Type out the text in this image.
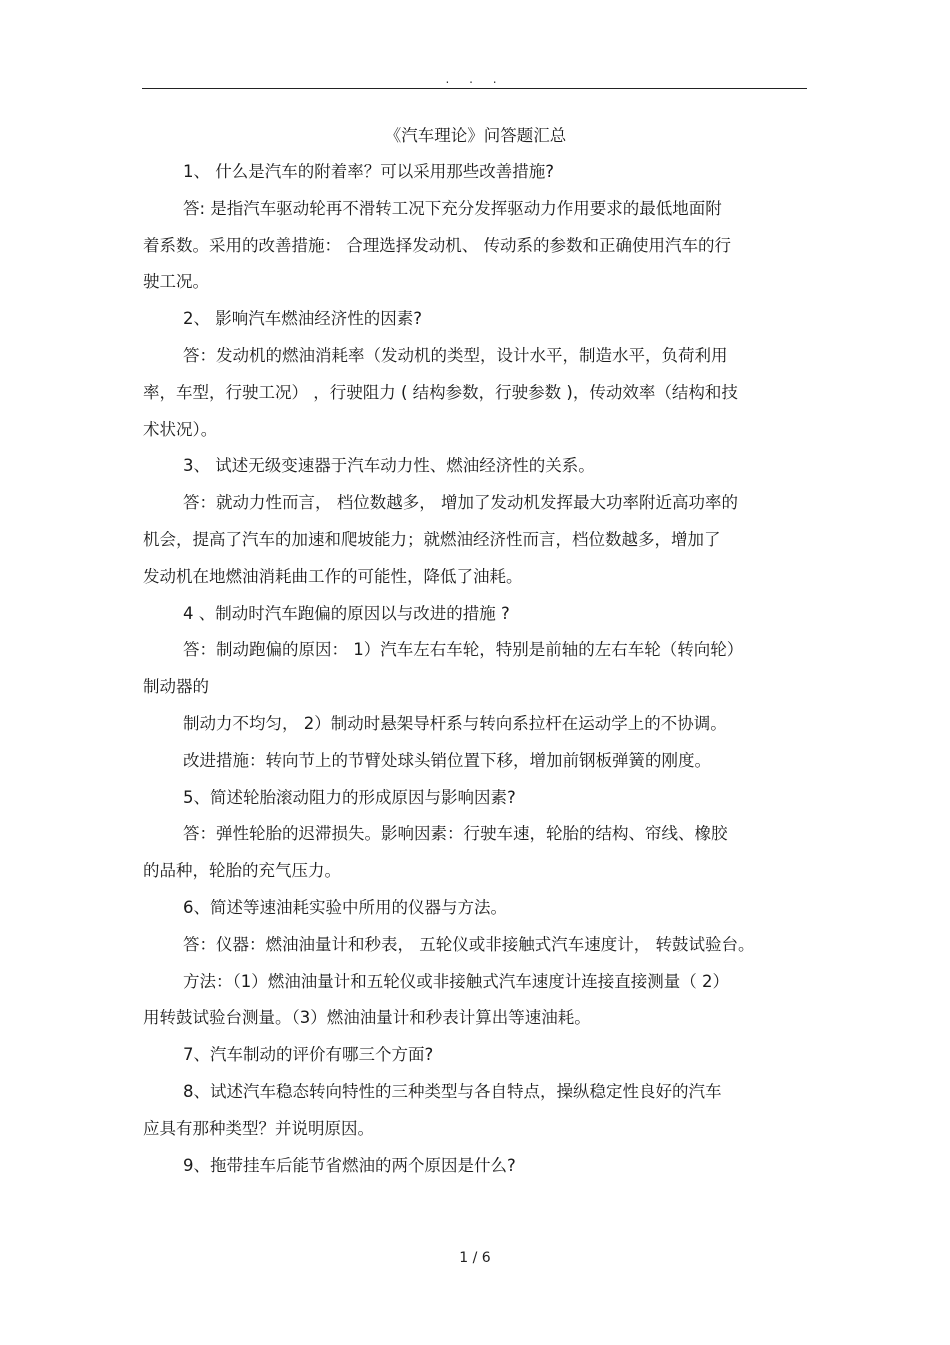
. . .

《汽车理论》问答题汇总

1、 什么是汽车的附着率？可以采用那些改善措施?

答: 是指汽车驱动轮再不滑转工况下充分发挥驱动力作用要求的最低地面附

着系数。采用的改善措施： 合理选择发动机、 传动系的参数和正确使用汽车的行

驶工况。

2、 影响汽车燃油经济性的因素?

答：发动机的燃油消耗率（发动机的类型，设计水平，制造水平，负荷利用

率，车型，行驶工况） ，行驶阻力 ( 结构参数，行驶参数 )，传动效率（结构和技

术状况）。

3、 试述无级变速器于汽车动力性、燃油经济性的关系。

答：就动力性而言， 档位数越多， 增加了发动机发挥最大功率附近高功率的

机会，提高了汽车的加速和爬坡能力；就燃油经济性而言，档位数越多，增加了

发动机在地燃油消耗曲工作的可能性，降低了油耗。

4 、制动时汽车跑偏的原因以与改进的措施 ?

答：制动跑偏的原因： 1）汽车左右车轮，特别是前轴的左右车轮（转向轮）

制动器的

制动力不均匀， 2）制动时悬架导杆系与转向系拉杆在运动学上的不协调。

改进措施：转向节上的节臂处球头销位置下移，增加前钢板弹簧的刚度。

5、简述轮胎滚动阻力的形成原因与影响因素?

答：弹性轮胎的迟滞损失。影响因素：行驶车速，轮胎的结构、帘线、橡胶

的品种，轮胎的充气压力。

6、简述等速油耗实验中所用的仪器与方法。

答：仪器：燃油油量计和秒表， 五轮仪或非接触式汽车速度计， 转鼓试验台。

方法：（1）燃油油量计和五轮仪或非接触式汽车速度计连接直接测量（ 2）

用转鼓试验台测量。（3）燃油油量计和秒表计算出等速油耗。

7、汽车制动的评价有哪三个方面?

8、试述汽车稳态转向特性的三种类型与各自特点，操纵稳定性良好的汽车

应具有那种类型？并说明原因。

9、拖带挂车后能节省燃油的两个原因是什么?

1 / 6
